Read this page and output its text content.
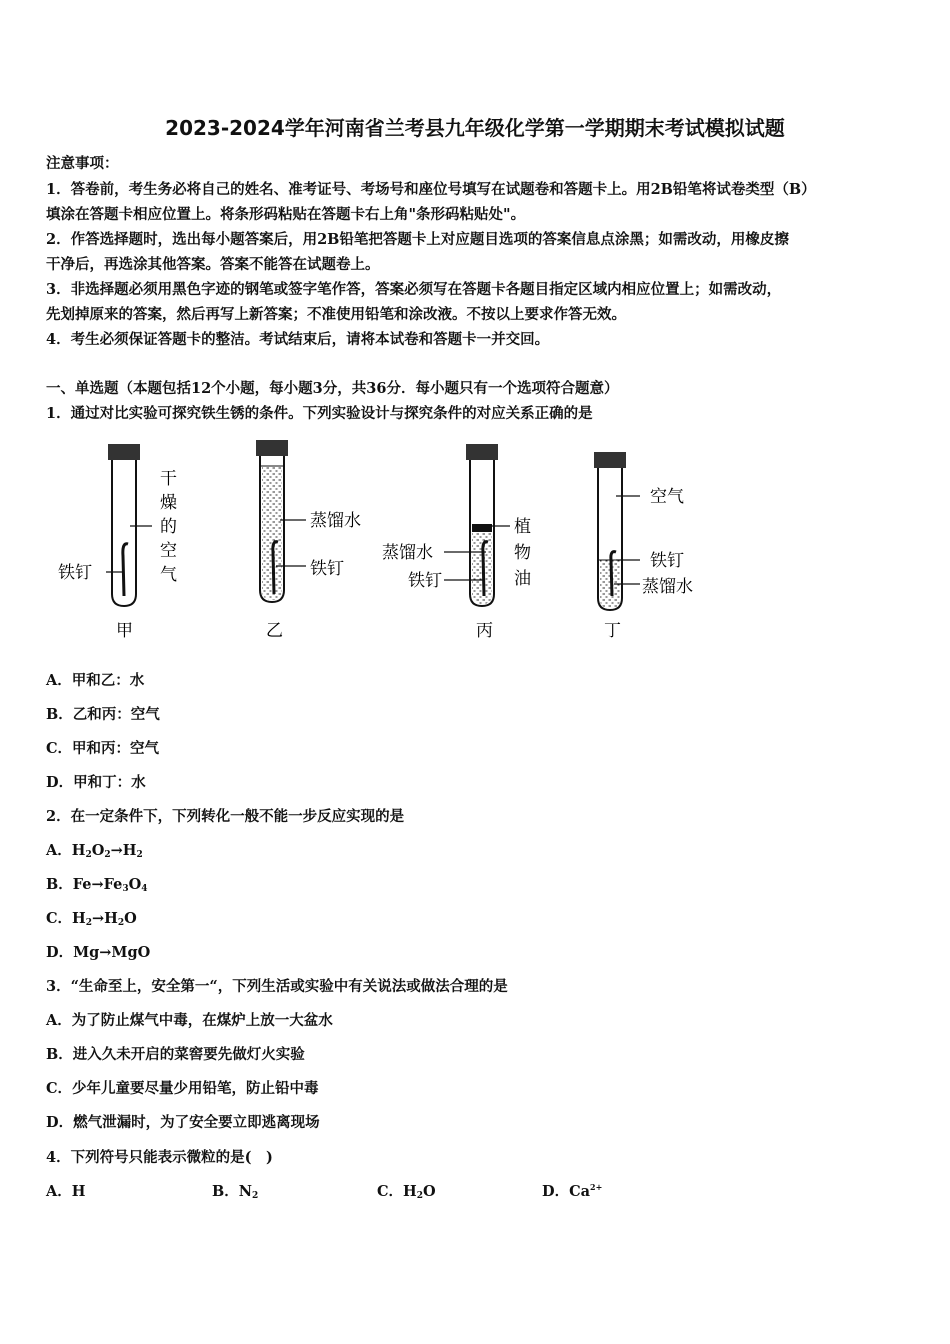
2023-2024学年河南省兰考县九年级化学第一学期期末考试模拟试题
注意事项：
1．答卷前，考生务必将自己的姓名、准考证号、考场号和座位号填写在试题卷和答题卡上。用2B铅笔将试卷类型（B）
填涂在答题卡相应位置上。将条形码粘贴在答题卡右上角"条形码粘贴处"。
2．作答选择题时，选出每小题答案后，用2B铅笔把答题卡上对应题目选项的答案信息点涂黑；如需改动，用橡皮擦
干净后，再选涂其他答案。答案不能答在试题卷上。
3．非选择题必须用黑色字迹的钢笔或签字笔作答，答案必须写在答题卡各题目指定区域内相应位置上；如需改动，
先划掉原来的答案，然后再写上新答案；不准使用铅笔和涂改液。不按以上要求作答无效。
4．考生必须保证答题卡的整洁。考试结束后，请将本试卷和答题卡一并交回。
一、单选题（本题包括12个小题，每小题3分，共36分．每小题只有一个选项符合题意）
1．通过对比实验可探究铁生锈的条件。下列实验设计与探究条件的对应关系正确的是
干
燥
的
空
气
铁钉
甲
蒸馏水
铁钉
乙
植
物
油
蒸馏水
铁钉
丙
空气
铁钉
蒸馏水
丁
A．甲和乙：水
B．乙和丙：空气
C．甲和丙：空气
D．甲和丁：水
2．在一定条件下，下列转化一般不能一步反应实现的是
A．$H_2O_2\to H_2$
B．$Fe\to Fe_3O_4$
C．$H_2\to H_2O$
D．Mg→MgO
3．“生命至上，安全第一“，下列生活或实验中有关说法或做法合理的是
A．为了防止煤气中毒，在煤炉上放一大盆水
B．进入久未开启的菜窖要先做灯火实验
C．少年儿童要尽量少用铅笔，防止铅中毒
D．燃气泄漏时，为了安全要立即逃离现场
4．下列符号只能表示微粒的是(　)
A．H	B．$N_2$	C．$H_2O$	D．$Ca^{2+}$
